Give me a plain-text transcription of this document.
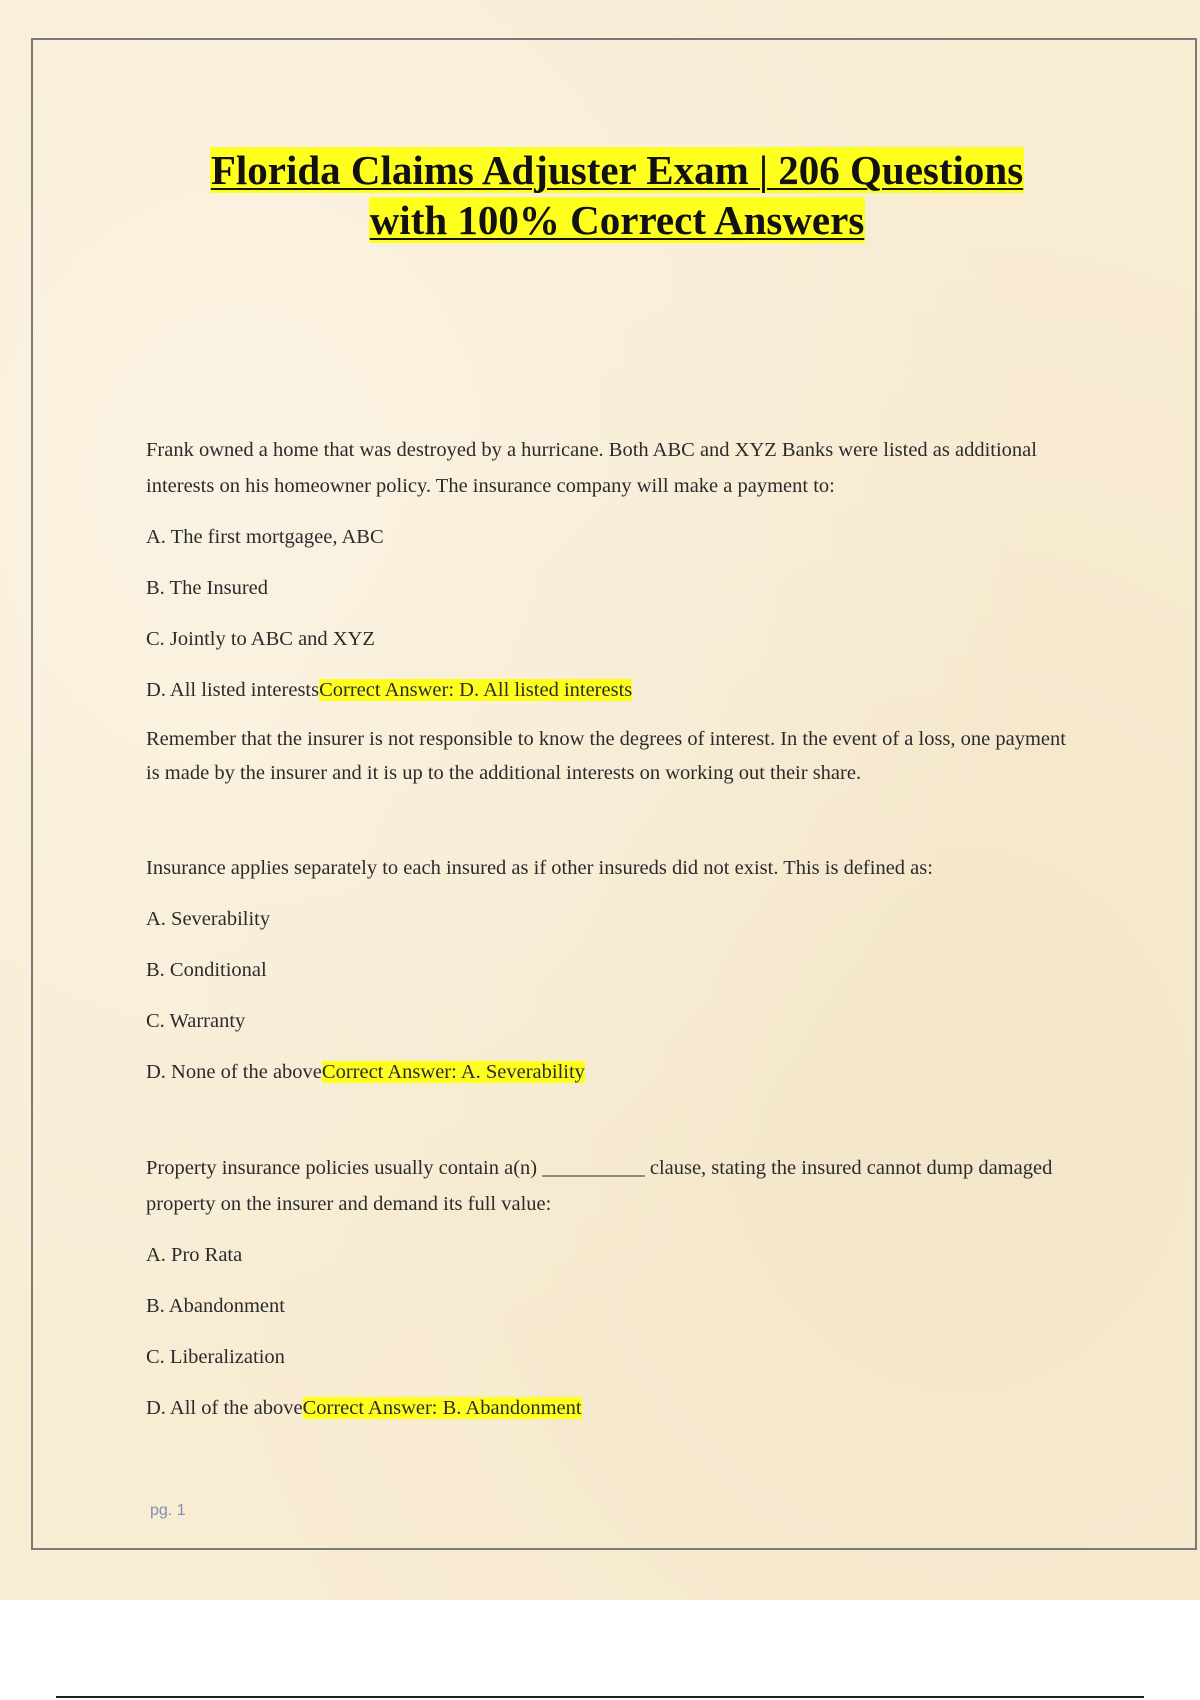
Florida Claims Adjuster Exam | 206 Questions
with 100% Correct Answers

Frank owned a home that was destroyed by a hurricane. Both ABC and XYZ Banks were listed as additional interests on his homeowner policy. The insurance company will make a payment to:

A. The first mortgagee, ABC

B. The Insured

C. Jointly to ABC and XYZ

D. All listed interestsCorrect Answer: D. All listed interests

Remember that the insurer is not responsible to know the degrees of interest. In the event of a loss, one payment is made by the insurer and it is up to the additional interests on working out their share.

Insurance applies separately to each insured as if other insureds did not exist. This is defined as:

A. Severability

B. Conditional

C. Warranty

D. None of the aboveCorrect Answer: A. Severability

Property insurance policies usually contain a(n) __________ clause, stating the insured cannot dump damaged property on the insurer and demand its full value:

A. Pro Rata

B. Abandonment

C. Liberalization

D. All of the aboveCorrect Answer: B. Abandonment

pg. 1
